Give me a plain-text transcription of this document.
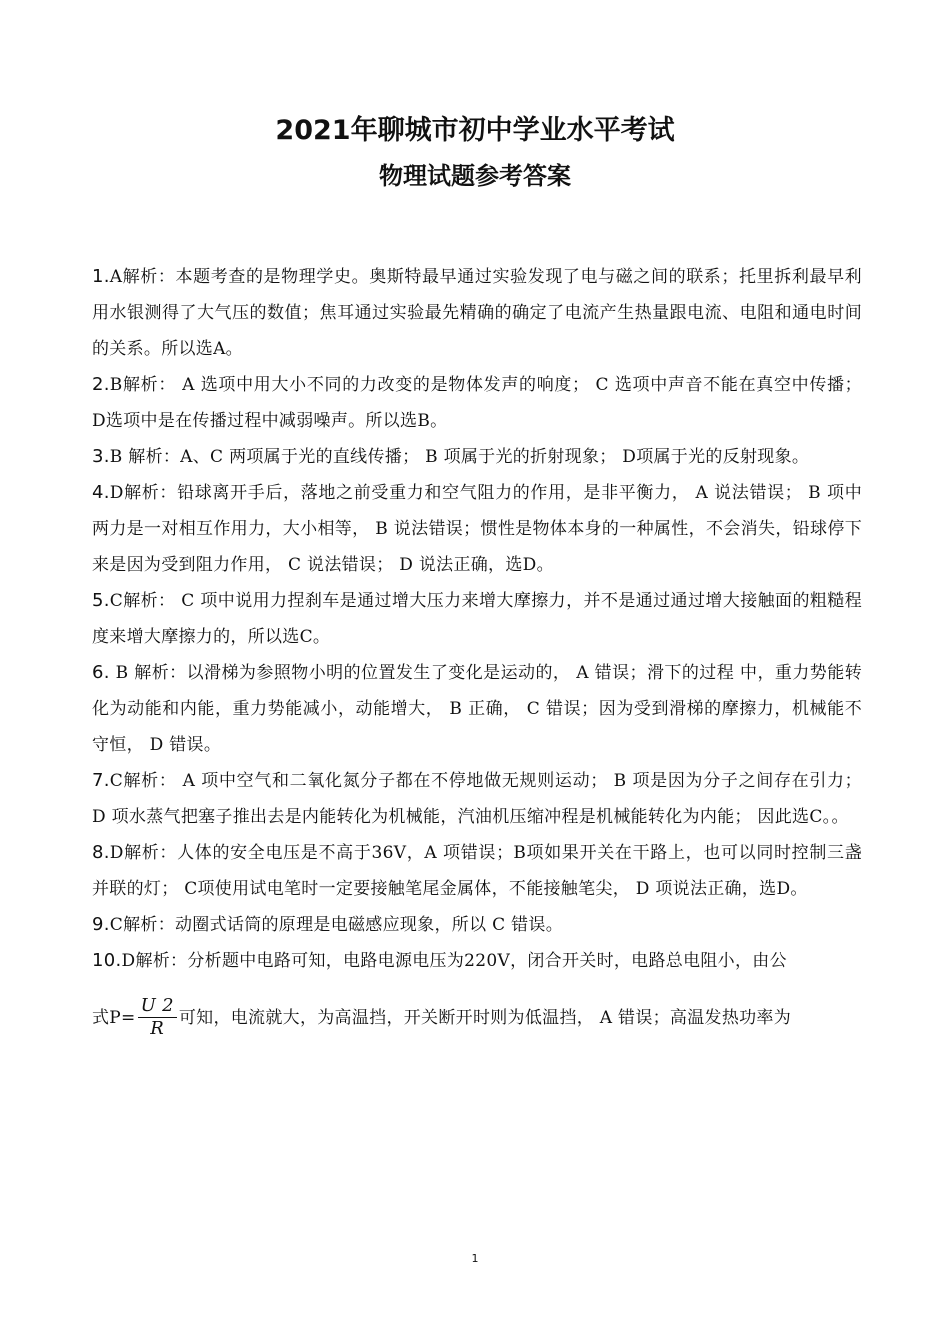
2021年聊城市初中学业水平考试
物理试题参考答案

1.A解析：本题考查的是物理学史。奥斯特最早通过实验发现了电与磁之间的联系；托里拆利最早利用水银测得了大气压的数值；焦耳通过实验最先精确的确定了电流产生热量跟电流、电阻和通电时间的关系。所以选A。

2.B解析： A 选项中用大小不同的力改变的是物体发声的响度； C 选项中声音不能在真空中传播； D选项中是在传播过程中减弱噪声。所以选B。

3.B 解析：A、C 两项属于光的直线传播； B 项属于光的折射现象； D项属于光的反射现象。

4.D解析：铅球离开手后，落地之前受重力和空气阻力的作用，是非平衡力， A 说法错误； B 项中两力是一对相互作用力，大小相等， B 说法错误；惯性是物体本身的一种属性，不会消失，铅球停下来是因为受到阻力作用， C 说法错误； D 说法正确，选D。

5.C解析： C 项中说用力捏刹车是通过增大压力来增大摩擦力，并不是通过通过增大接触面的粗糙程度来增大摩擦力的，所以选C。

6. B 解析：以滑梯为参照物小明的位置发生了变化是运动的， A 错误；滑下的过程 中，重力势能转化为动能和内能，重力势能减小，动能增大， B 正确， C 错误；因为受到滑梯的摩擦力，机械能不守恒， D 错误。

7.C解析： A 项中空气和二氧化氮分子都在不停地做无规则运动； B 项是因为分子之间存在引力； D 项水蒸气把塞子推出去是内能转化为机械能，汽油机压缩冲程是机械能转化为内能； 因此选C。。

8.D解析：人体的安全电压是不高于36V，A 项错误；B项如果开关在干路上，也可以同时控制三盏并联的灯； C项使用试电笔时一定要接触笔尾金属体，不能接触笔尖， D 项说法正确，选D。

9.C解析：动圈式话筒的原理是电磁感应现象，所以 C 错误。

10.D解析：分析题中电路可知，电路电源电压为220V，闭合开关时，电路总电阻小，由公

式$P= \frac{U 2}{R}$ 可知，电流就大，为高温挡，开关断开时则为低温挡， A 错误；高温发热功率为
1
